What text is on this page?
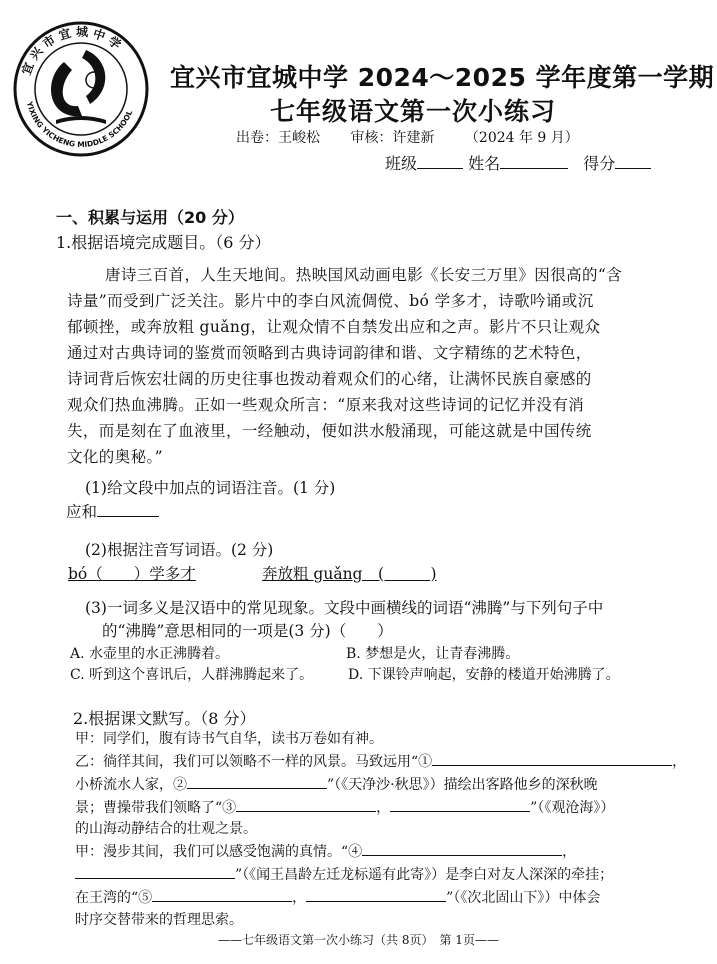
宜 兴 市 宜 城 中 学
YIXING YICHENG MIDDLE SCHOOL
宜兴市宜城中学 2024～2025 学年度第一学期
七年级语文第一次小练习
出卷：王峻松 审核：许建新 （2024 年 9 月）
班级	姓名	得分
一、积累与运用（20 分）
1.根据语境完成题目。（6 分）

唐诗三百首，人生天地间。热映国风动画电影《长安三万里》因很高的“含

诗量”而受到广泛关注。影片中的李白风流倜傥、bó 学多才，诗歌吟诵或沉

郁顿挫，或奔放粗 guǎng，让观众情不自禁发出应和之声。影片不只让观众

通过对古典诗词的鉴赏而领略到古典诗词韵律和谐、文字精练的艺术特色，

诗词背后恢宏壮阔的历史往事也拨动着观众们的心绪，让满怀民族自豪感的

观众们热血沸腾。正如一些观众所言：“原来我对这些诗词的记忆并没有消

失，而是刻在了血液里，一经触动，便如洪水般涌现，可能这就是中国传统

文化的奥秘。”

(1)给文段中加点的词语注音。(1 分)
应和
(2)根据注音写词语。(2 分)
bó（　　）学多才	奔放粗 guǎng　(　　　)
(3)一词多义是汉语中的常见现象。文段中画横线的词语“沸腾”与下列句子中
的“沸腾”意思相同的一项是(3 分)（　　）
A. 水壶里的水正沸腾着。	B. 梦想是火，让青春沸腾。
C. 听到这个喜讯后，人群沸腾起来了。 D. 下课铃声响起，安静的楼道开始沸腾了。
2.根据课文默写。（8 分）
甲：同学们，腹有诗书气自华，读书万卷如有神。
乙：徜徉其间，我们可以领略不一样的风景。马致远用“①	，
小桥流水人家，②	”（《天净沙·秋思》）描绘出客路他乡的深秋晚
景；曹操带我们领略了“③	，	”（《观沧海》）
的山海动静结合的壮观之景。
甲：漫步其间，我们可以感受饱满的真情。“④	，
”（《闻王昌龄左迁龙标遥有此寄》）是李白对友人深深的牵挂；
在王湾的“⑤	，	”（《次北固山下》）中体会
时序交替带来的哲理思索。
——七年级语文第一次小练习（共 8页）　第 1页——
